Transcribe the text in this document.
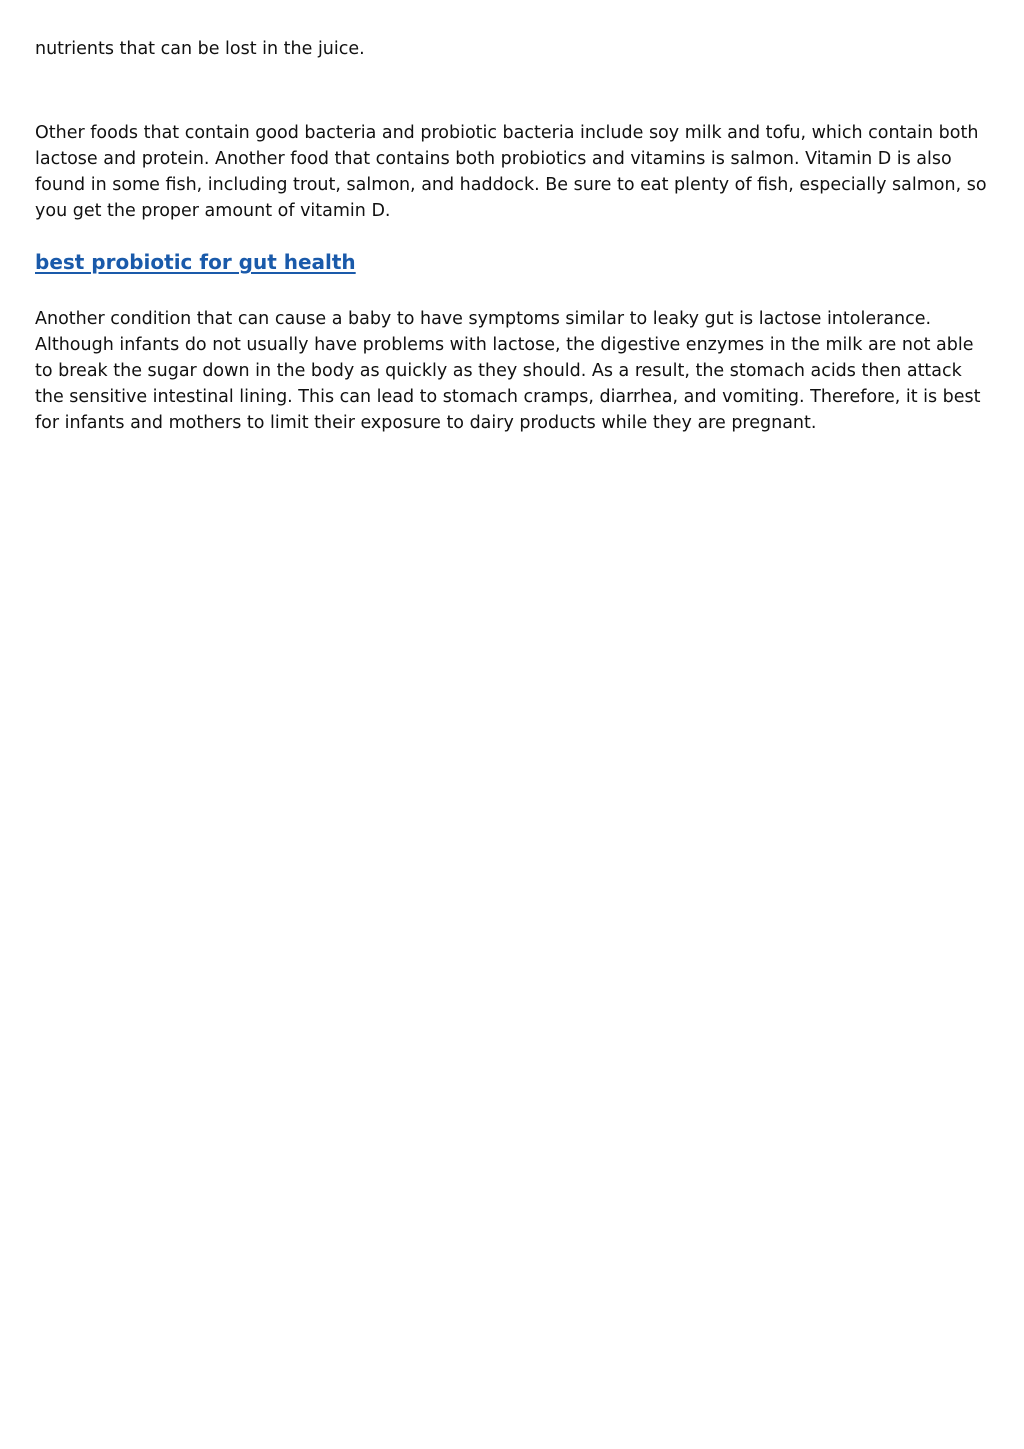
nutrients that can be lost in the juice.

Other foods that contain good bacteria and probiotic bacteria include soy milk and tofu, which contain both lactose and protein. Another food that contains both probiotics and vitamins is salmon. Vitamin D is also found in some fish, including trout, salmon, and haddock. Be sure to eat plenty of fish, especially salmon, so you get the proper amount of vitamin D.

best probiotic for gut health

Another condition that can cause a baby to have symptoms similar to leaky gut is lactose intolerance. Although infants do not usually have problems with lactose, the digestive enzymes in the milk are not able to break the sugar down in the body as quickly as they should. As a result, the stomach acids then attack the sensitive intestinal lining. This can lead to stomach cramps, diarrhea, and vomiting. Therefore, it is best for infants and mothers to limit their exposure to dairy products while they are pregnant.
